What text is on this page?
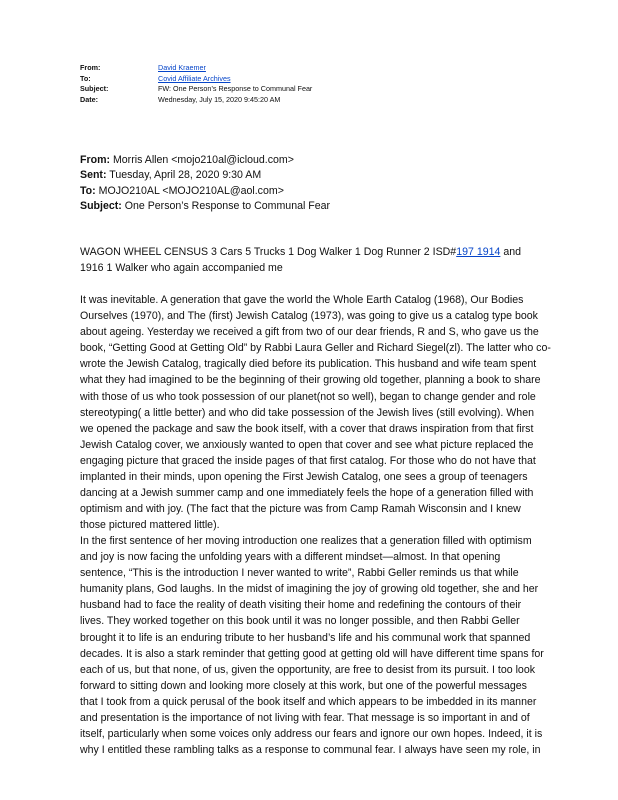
From:	David Kraemer
To:	Covid Affiliate Archives
Subject:	FW: One Person’s Response to Communal Fear
Date:	Wednesday, July 15, 2020 9:45:20 AM
From: Morris Allen <mojo210al@icloud.com>
Sent: Tuesday, April 28, 2020 9:30 AM
To: MOJO210AL <MOJO210AL@aol.com>
Subject: One Person’s Response to Communal Fear
WAGON WHEEL CENSUS 3 Cars 5 Trucks 1 Dog Walker 1 Dog Runner 2 ISD#197 1914 and
1916 1 Walker who again accompanied me
It was inevitable. A generation that gave the world the Whole Earth Catalog (1968), Our Bodies
Ourselves (1970), and The (first) Jewish Catalog (1973), was going to give us a catalog type book
about ageing. Yesterday we received a gift from two of our dear friends, R and S, who gave us the
book, “Getting Good at Getting Old” by Rabbi Laura Geller and Richard Siegel(zl). The latter who co-
wrote the Jewish Catalog, tragically died before its publication. This husband and wife team spent
what they had imagined to be the beginning of their growing old together, planning a book to share
with those of us who took possession of our planet(not so well), began to change gender and role
stereotyping( a little better) and who did take possession of the Jewish lives (still evolving). When
we opened the package and saw the book itself, with a cover that draws inspiration from that first
Jewish Catalog cover, we anxiously wanted to open that cover and see what picture replaced the
engaging picture that graced the inside pages of that first catalog. For those who do not have that
implanted in their minds, upon opening the First Jewish Catalog, one sees a group of teenagers
dancing at a Jewish summer camp and one immediately feels the hope of a generation filled with
optimism and with joy. (The fact that the picture was from Camp Ramah Wisconsin and I knew
those pictured mattered little).
In the first sentence of her moving introduction one realizes that a generation filled with optimism
and joy is now facing the unfolding years with a different mindset—almost. In that opening
sentence, “This is the introduction I never wanted to write”, Rabbi Geller reminds us that while
humanity plans, God laughs. In the midst of imagining the joy of growing old together, she and her
husband had to face the reality of death visiting their home and redefining the contours of their
lives. They worked together on this book until it was no longer possible, and then Rabbi Geller
brought it to life is an enduring tribute to her husband’s life and his communal work that spanned
decades. It is also a stark reminder that getting good at getting old will have different time spans for
each of us, but that none, of us, given the opportunity, are free to desist from its pursuit. I too look
forward to sitting down and looking more closely at this work, but one of the powerful messages
that I took from a quick perusal of the book itself and which appears to be imbedded in its manner
and presentation is the importance of not living with fear. That message is so important in and of
itself, particularly when some voices only address our fears and ignore our own hopes. Indeed, it is
why I entitled these rambling talks as a response to communal fear. I always have seen my role, in
